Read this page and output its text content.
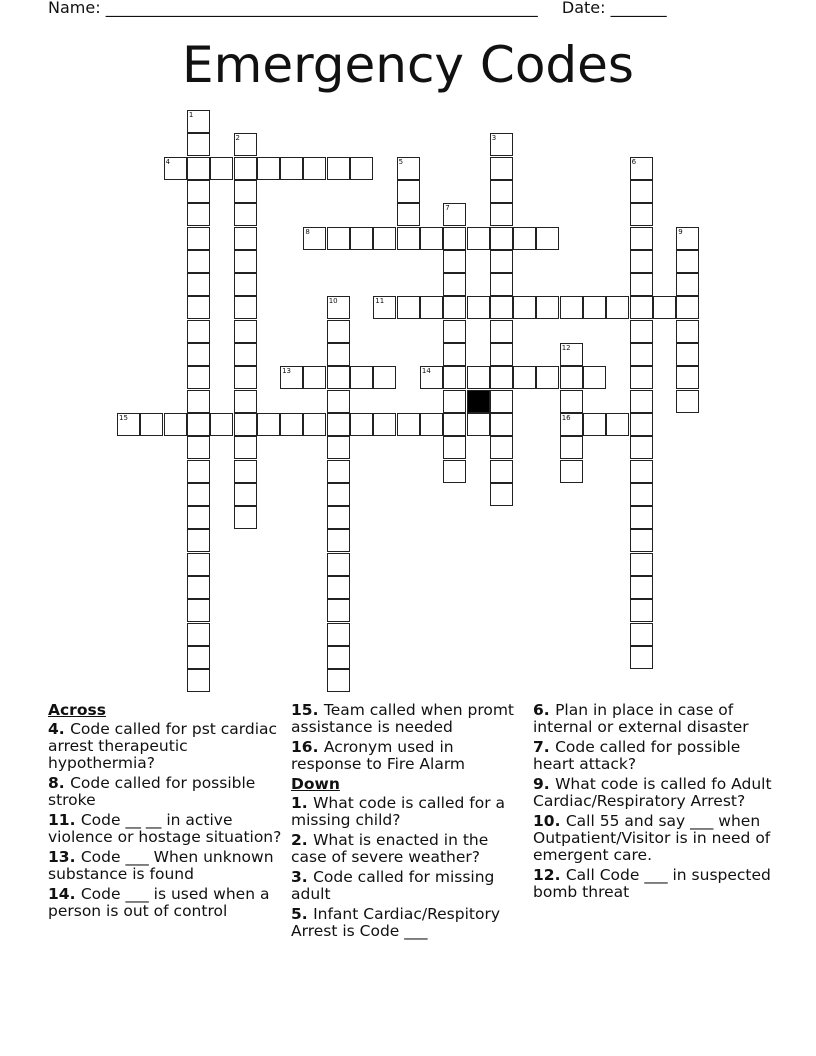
Name: ______________________________________________________ Date: _______
Emergency Codes
1
2	3
4	5	6
7
8	9
10	11
12
16
13	14
15
Across
4. Code called for pst cardiac arrest therapeutic hypothermia?
8. Code called for possible stroke
11. Code __ __ in active violence or hostage situation?
13. Code ___ When unknown substance is found
14. Code ___ is used when a person is out of control
15. Team called when promt assistance is needed
16. Acronym used in response to Fire Alarm
Down
1. What code is called for a missing child?
2. What is enacted in the case of severe weather?
3. Code called for missing adult
5. Infant Cardiac/Respitory Arrest is Code ___
6. Plan in place in case of internal or external disaster
7. Code called for possible heart attack?
9. What code is called fo Adult Cardiac/Respiratory Arrest?
10. Call 55 and say ___ when Outpatient/Visitor is in need of emergent care.
12. Call Code ___ in suspected bomb threat
